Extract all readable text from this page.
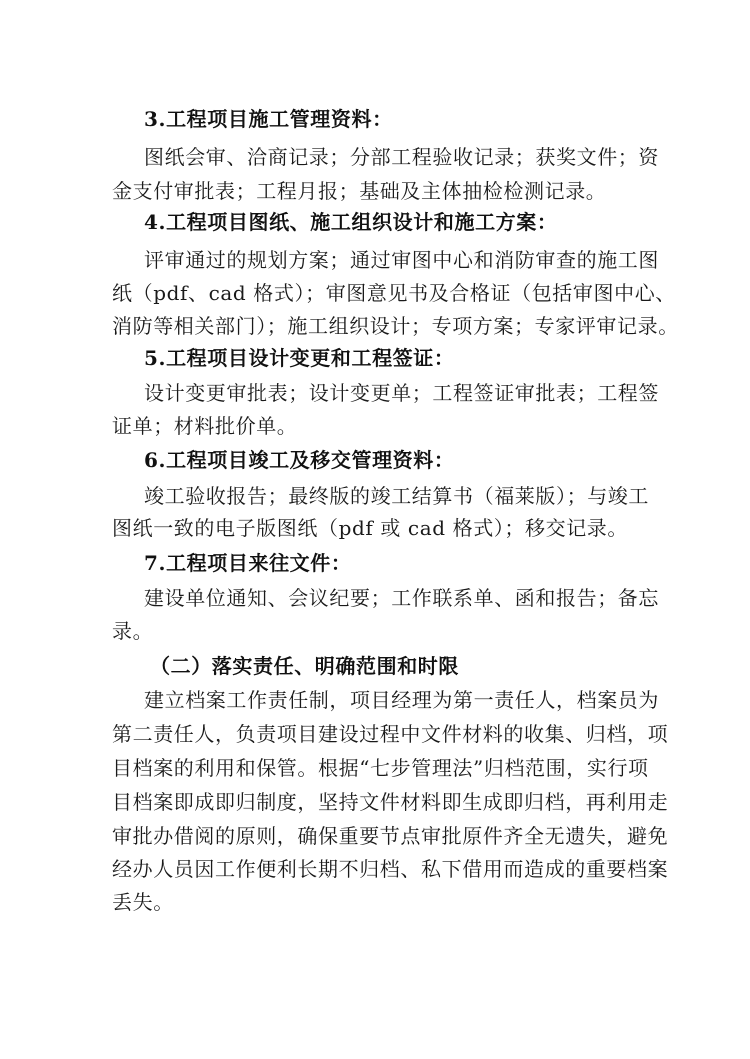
3.工程项目施工管理资料：
图纸会审、洽商记录；分部工程验收记录；获奖文件；资
金支付审批表；工程月报；基础及主体抽检检测记录。
4.工程项目图纸、施工组织设计和施工方案：
评审通过的规划方案；通过审图中心和消防审查的施工图
纸（pdf、cad 格式）；审图意见书及合格证（包括审图中心、
消防等相关部门）；施工组织设计；专项方案；专家评审记录。
5.工程项目设计变更和工程签证：
设计变更审批表；设计变更单；工程签证审批表；工程签
证单；材料批价单。
6.工程项目竣工及移交管理资料：
竣工验收报告；最终版的竣工结算书（福莱版）；与竣工
图纸一致的电子版图纸（pdf 或 cad 格式）；移交记录。
7.工程项目来往文件：
建设单位通知、会议纪要；工作联系单、函和报告；备忘
录。
（二）落实责任、明确范围和时限
建立档案工作责任制，项目经理为第一责任人，档案员为
第二责任人，负责项目建设过程中文件材料的收集、归档，项
目档案的利用和保管。根据“七步管理法”归档范围，实行项
目档案即成即归制度，坚持文件材料即生成即归档，再利用走
审批办借阅的原则，确保重要节点审批原件齐全无遗失，避免
经办人员因工作便利长期不归档、私下借用而造成的重要档案
丢失。
